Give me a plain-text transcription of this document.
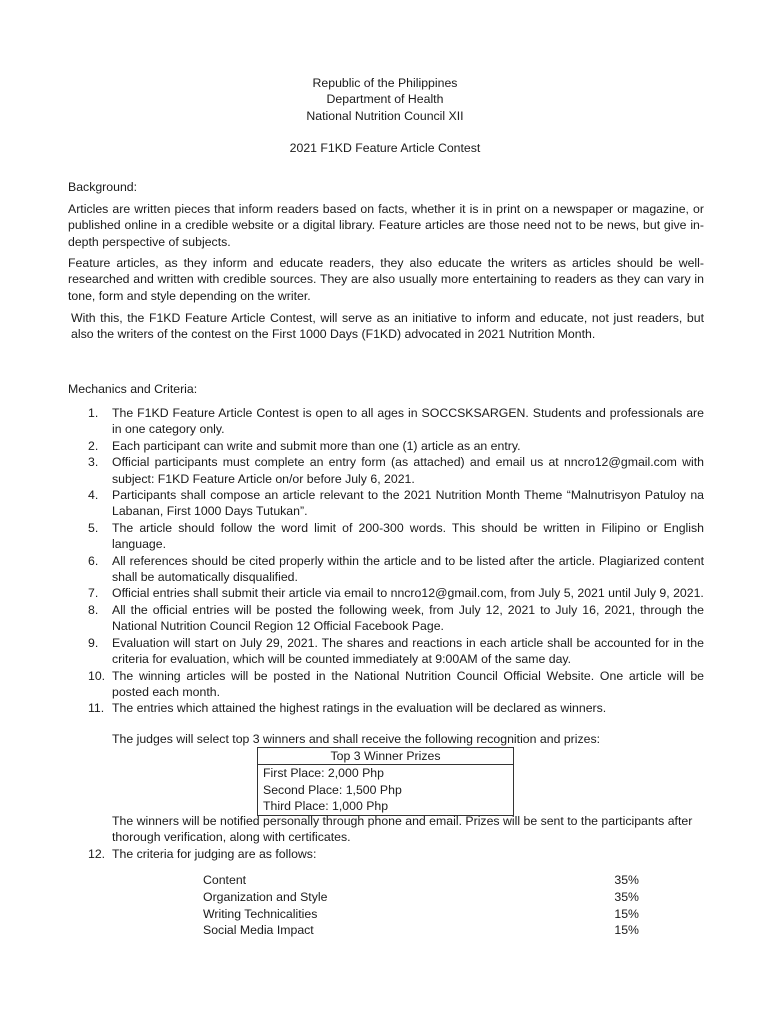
Republic of the Philippines
Department of Health
National Nutrition Council XII
2021 F1KD Feature Article Contest
Background:
Articles are written pieces that inform readers based on facts, whether it is in print on a newspaper or magazine, or published online in a credible website or a digital library. Feature articles are those need not to be news, but give in-depth perspective of subjects.
Feature articles, as they inform and educate readers, they also educate the writers as articles should be well-researched and written with credible sources. They are also usually more entertaining to readers as they can vary in tone, form and style depending on the writer.
With this, the F1KD Feature Article Contest, will serve as an initiative to inform and educate, not just readers, but also the writers of the contest on the First 1000 Days (F1KD) advocated in 2021 Nutrition Month.
Mechanics and Criteria:
1.	The F1KD Feature Article Contest is open to all ages in SOCCSKSARGEN. Students and professionals are in one category only.
2.	Each participant can write and submit more than one (1) article as an entry.
3.	Official participants must complete an entry form (as attached) and email us at nncro12@gmail.com with subject: F1KD Feature Article on/or before July 6, 2021.
4.	Participants shall compose an article relevant to the 2021 Nutrition Month Theme “Malnutrisyon Patuloy na Labanan, First 1000 Days Tutukan”.
5.	The article should follow the word limit of 200-300 words. This should be written in Filipino or English language.
6.	All references should be cited properly within the article and to be listed after the article. Plagiarized content shall be automatically disqualified.
7.	Official entries shall submit their article via email to nncro12@gmail.com, from July 5, 2021 until July 9, 2021.
8.	All the official entries will be posted the following week, from July 12, 2021 to July 16, 2021, through the National Nutrition Council Region 12 Official Facebook Page.
9.	Evaluation will start on July 29, 2021. The shares and reactions in each article shall be accounted for in the criteria for evaluation, which will be counted immediately at 9:00AM of the same day.
10. The winning articles will be posted in the National Nutrition Council Official Website. One article will be posted each month.
11. The entries which attained the highest ratings in the evaluation will be declared as winners.
The judges will select top 3 winners and shall receive the following recognition and prizes:
Top 3 Winner Prizes
First Place: 2,000 Php
Second Place: 1,500 Php
Third Place: 1,000 Php
The winners will be notified personally through phone and email. Prizes will be sent to the participants after thorough verification, along with certificates.
12. The criteria for judging are as follows:
Content	35%
Organization and Style	35%
Writing Technicalities	15%
Social Media Impact	15%
